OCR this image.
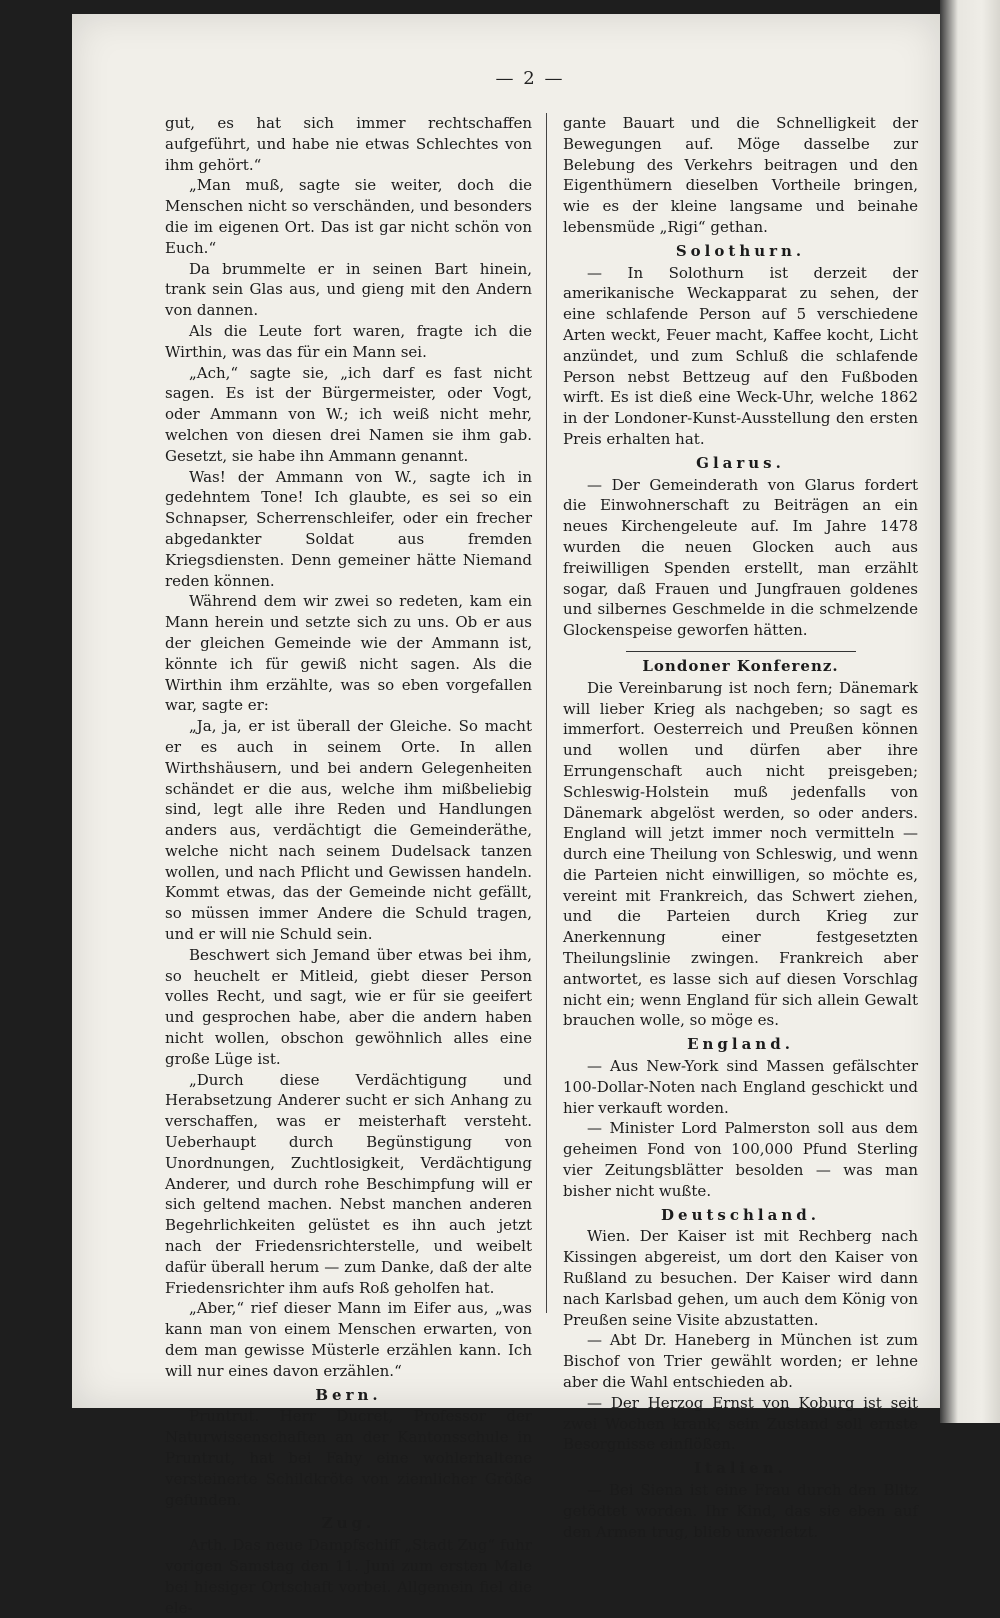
— 2 —

gut, es hat sich immer rechtschaffen aufgeführt, und habe nie etwas Schlechtes von ihm gehört.“

„Man muß, sagte sie weiter, doch die Menschen nicht so verschänden, und besonders die im eigenen Ort. Das ist gar nicht schön von Euch.“

Da brummelte er in seinen Bart hinein, trank sein Glas aus, und gieng mit den Andern von dannen.

Als die Leute fort waren, fragte ich die Wirthin, was das für ein Mann sei.

„Ach,“ sagte sie, „ich darf es fast nicht sagen. Es ist der Bürgermeister, oder Vogt, oder Ammann von W.; ich weiß nicht mehr, welchen von diesen drei Namen sie ihm gab. Gesetzt, sie habe ihn Ammann genannt.

Was! der Ammann von W., sagte ich in gedehntem Tone! Ich glaubte, es sei so ein Schnapser, Scherrenschleifer, oder ein frecher abgedankter Soldat aus fremden Kriegsdiensten. Denn gemeiner hätte Niemand reden können.

Während dem wir zwei so redeten, kam ein Mann herein und setzte sich zu uns. Ob er aus der gleichen Gemeinde wie der Ammann ist, könnte ich für gewiß nicht sagen. Als die Wirthin ihm erzählte, was so eben vorgefallen war, sagte er:

„Ja, ja, er ist überall der Gleiche. So macht er es auch in seinem Orte. In allen Wirthshäusern, und bei andern Gelegenheiten schändet er die aus, welche ihm mißbeliebig sind, legt alle ihre Reden und Handlungen anders aus, verdächtigt die Gemeinderäthe, welche nicht nach seinem Dudelsack tanzen wollen, und nach Pflicht und Gewissen handeln. Kommt etwas, das der Gemeinde nicht gefällt, so müssen immer Andere die Schuld tragen, und er will nie Schuld sein.

Beschwert sich Jemand über etwas bei ihm, so heuchelt er Mitleid, giebt dieser Person volles Recht, und sagt, wie er für sie geeifert und gesprochen habe, aber die andern haben nicht wollen, obschon gewöhnlich alles eine große Lüge ist.

„Durch diese Verdächtigung und Herabsetzung Anderer sucht er sich Anhang zu verschaffen, was er meisterhaft versteht. Ueberhaupt durch Begünstigung von Unordnungen, Zuchtlosigkeit, Verdächtigung Anderer, und durch rohe Beschimpfung will er sich geltend machen. Nebst manchen anderen Begehrlichkeiten gelüstet es ihn auch jetzt nach der Friedensrichterstelle, und weibelt dafür überall herum — zum Danke, daß der alte Friedensrichter ihm aufs Roß geholfen hat.

„Aber,“ rief dieser Mann im Eifer aus, „was kann man von einem Menschen erwarten, von dem man gewisse Müsterle erzählen kann. Ich will nur eines davon erzählen.“

Bern.

Pruntrut. Herr Ducret, Professor der Naturwissenschaften an der Kantonsschule in Pruntrut, hat bei Fahy eine wohlerhaltene versteinerte Schildkröte von ziemlicher Größe gefunden.

Zug.

Arth. Das neue Dampfschiff „Stadt Zug“ fuhr vorigen Samstag den 11. Juni zum ersten Male bei hiesiger Ortschaft vorbei. Allgemein fiel die ele-

gante Bauart und die Schnelligkeit der Bewegungen auf. Möge dasselbe zur Belebung des Verkehrs beitragen und den Eigenthümern dieselben Vortheile bringen, wie es der kleine langsame und beinahe lebensmüde „Rigi“ gethan.

Solothurn.

— In Solothurn ist derzeit der amerikanische Weckapparat zu sehen, der eine schlafende Person auf 5 verschiedene Arten weckt, Feuer macht, Kaffee kocht, Licht anzündet, und zum Schluß die schlafende Person nebst Bettzeug auf den Fußboden wirft. Es ist dieß eine Weck-Uhr, welche 1862 in der Londoner-Kunst-Ausstellung den ersten Preis erhalten hat.

Glarus.

— Der Gemeinderath von Glarus fordert die Einwohnerschaft zu Beiträgen an ein neues Kirchengeleute auf. Im Jahre 1478 wurden die neuen Glocken auch aus freiwilligen Spenden erstellt, man erzählt sogar, daß Frauen und Jungfrauen goldenes und silbernes Geschmelde in die schmelzende Glockenspeise geworfen hätten.

Londoner Konferenz.

Die Vereinbarung ist noch fern; Dänemark will lieber Krieg als nachgeben; so sagt es immerfort. Oesterreich und Preußen können und wollen und dürfen aber ihre Errungenschaft auch nicht preisgeben; Schleswig-Holstein muß jedenfalls von Dänemark abgelöst werden, so oder anders. England will jetzt immer noch vermitteln — durch eine Theilung von Schleswig, und wenn die Parteien nicht einwilligen, so möchte es, vereint mit Frankreich, das Schwert ziehen, und die Parteien durch Krieg zur Anerkennung einer festgesetzten Theilungslinie zwingen. Frankreich aber antwortet, es lasse sich auf diesen Vorschlag nicht ein; wenn England für sich allein Gewalt brauchen wolle, so möge es.

England.

— Aus New-York sind Massen gefälschter 100-Dollar-Noten nach England geschickt und hier verkauft worden.

— Minister Lord Palmerston soll aus dem geheimen Fond von 100,000 Pfund Sterling vier Zeitungsblätter besolden — was man bisher nicht wußte.

Deutschland.

Wien. Der Kaiser ist mit Rechberg nach Kissingen abgereist, um dort den Kaiser von Rußland zu besuchen. Der Kaiser wird dann nach Karlsbad gehen, um auch dem König von Preußen seine Visite abzustatten.

— Abt Dr. Haneberg in München ist zum Bischof von Trier gewählt worden; er lehne aber die Wahl entschieden ab.

— Der Herzog Ernst von Koburg ist seit zwei Wochen krank; sein Zustand soll ernste Besorgnisse einflößen.

Italien.

— Bei Siena ist eine Frau durch den Blitz getödtet worden. Ihr Kind, das sie eben auf den Armen trug, blieb unverletzt.
